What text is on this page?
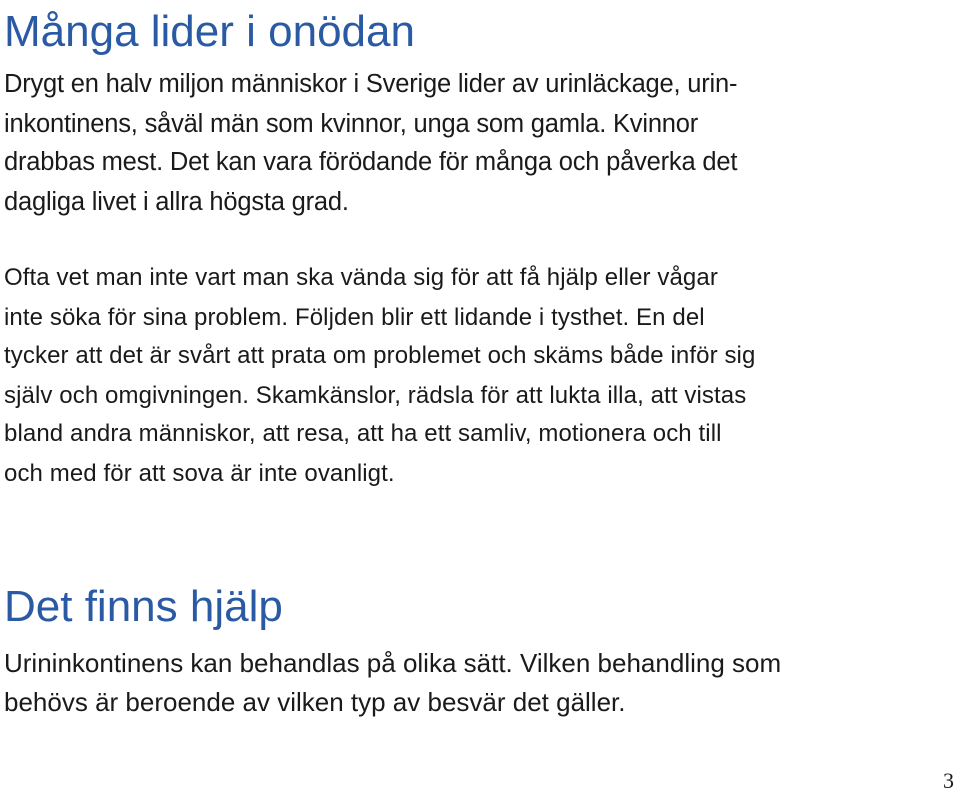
Många lider i onödan
Drygt en halv miljon människor i Sverige lider av urinläckage, urin-
inkontinens, såväl män som kvinnor, unga som gamla. Kvinnor
drabbas mest. Det kan vara förödande för många och påverka det
dagliga livet i allra högsta grad.
Ofta vet man inte vart man ska vända sig för att få hjälp eller vågar
inte söka för sina problem. Följden blir ett lidande i tysthet. En del
tycker att det är svårt att prata om problemet och skäms både inför sig
själv och omgivningen. Skamkänslor, rädsla för att lukta illa, att vistas
bland andra människor, att resa, att ha ett samliv, motionera och till
och med för att sova är inte ovanligt.
Det finns hjälp
Urininkontinens kan behandlas på olika sätt. Vilken behandling som
behövs är beroende av vilken typ av besvär det gäller.
3
